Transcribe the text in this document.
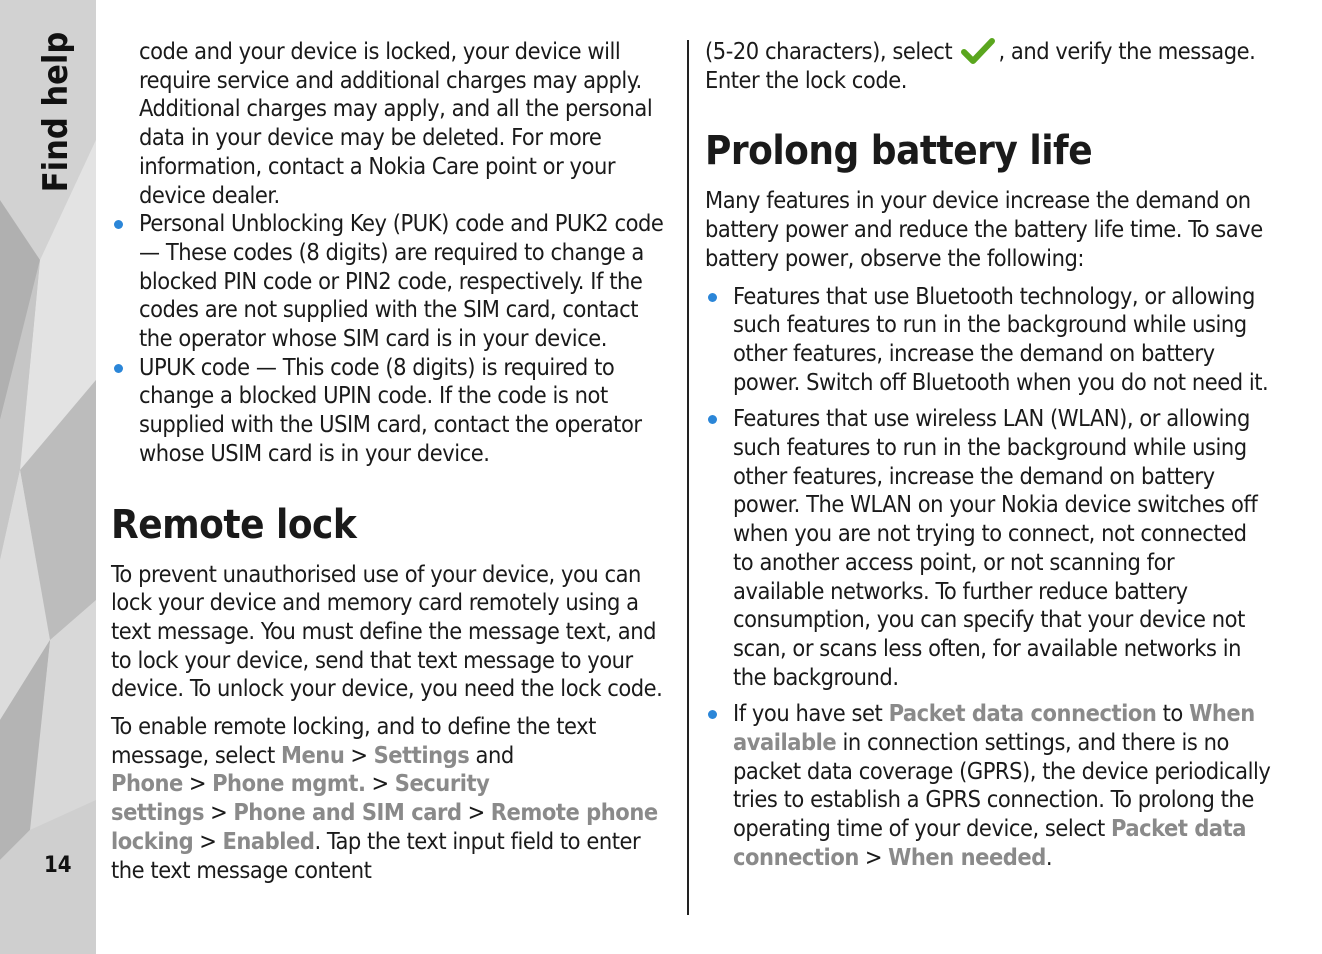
Find help
14

code and your device is locked, your device will require service and additional charges may apply. Additional charges may apply, and all the personal data in your device may be deleted. For more information, contact a Nokia Care point or your device dealer.

Personal Unblocking Key (PUK) code and PUK2 code — These codes (8 digits) are required to change a blocked PIN code or PIN2 code, respectively. If the codes are not supplied with the SIM card, contact the operator whose SIM card is in your device.
UPUK code — This code (8 digits) is required to change a blocked UPIN code. If the code is not supplied with the USIM card, contact the operator whose USIM card is in your device.
Remote lock

To prevent unauthorised use of your device, you can lock your device and memory card remotely using a text message. You must define the message text, and to lock your device, send that text message to your device. To unlock your device, you need the lock code.

To enable remote locking, and to define the text message, select Menu > Settings and Phone > Phone mgmt. > Security settings > Phone and SIM card > Remote phone locking > Enabled. Tap the text input field to enter the text message content

(5-20 characters), select , and verify the message. Enter the lock code.

Prolong battery life

Many features in your device increase the demand on battery power and reduce the battery life time. To save battery power, observe the following:

Features that use Bluetooth technology, or allowing such features to run in the background while using other features, increase the demand on battery power. Switch off Bluetooth when you do not need it.
Features that use wireless LAN (WLAN), or allowing such features to run in the background while using other features, increase the demand on battery power. The WLAN on your Nokia device switches off when you are not trying to connect, not connected to another access point, or not scanning for available networks. To further reduce battery consumption, you can specify that your device not scan, or scans less often, for available networks in the background.
If you have set Packet data connection to When available in connection settings, and there is no packet data coverage (GPRS), the device periodically tries to establish a GPRS connection. To prolong the operating time of your device, select Packet data connection > When needed.
